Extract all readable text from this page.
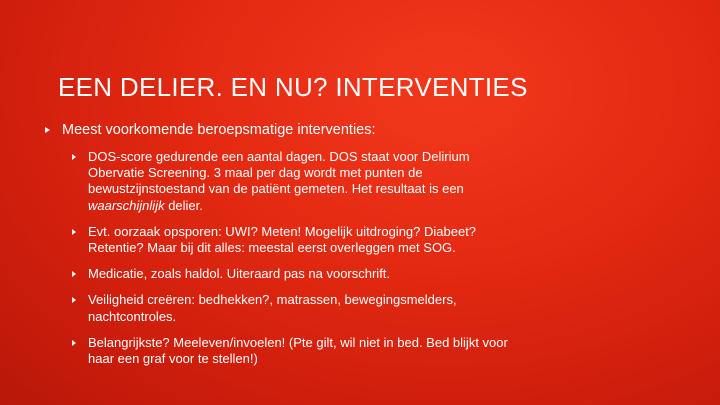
EEN DELIER. EN NU? INTERVENTIES
Meest voorkomende beroepsmatige interventies:
DOS-score gedurende een aantal dagen. DOS staat voor Delirium Obervatie Screening. 3 maal per dag wordt met punten de bewustzijnstoestand van de patiënt gemeten. Het resultaat is een waarschijnlijk delier.
Evt. oorzaak opsporen: UWI? Meten! Mogelijk uitdroging? Diabeet? Retentie? Maar bij dit alles: meestal eerst overleggen met SOG.
Medicatie, zoals haldol. Uiteraard pas na voorschrift.
Veiligheid creëren: bedhekken?, matrassen, bewegingsmelders, nachtcontroles.
Belangrijkste? Meeleven/invoelen! (Pte gilt, wil niet in bed. Bed blijkt voor haar een graf voor te stellen!)
